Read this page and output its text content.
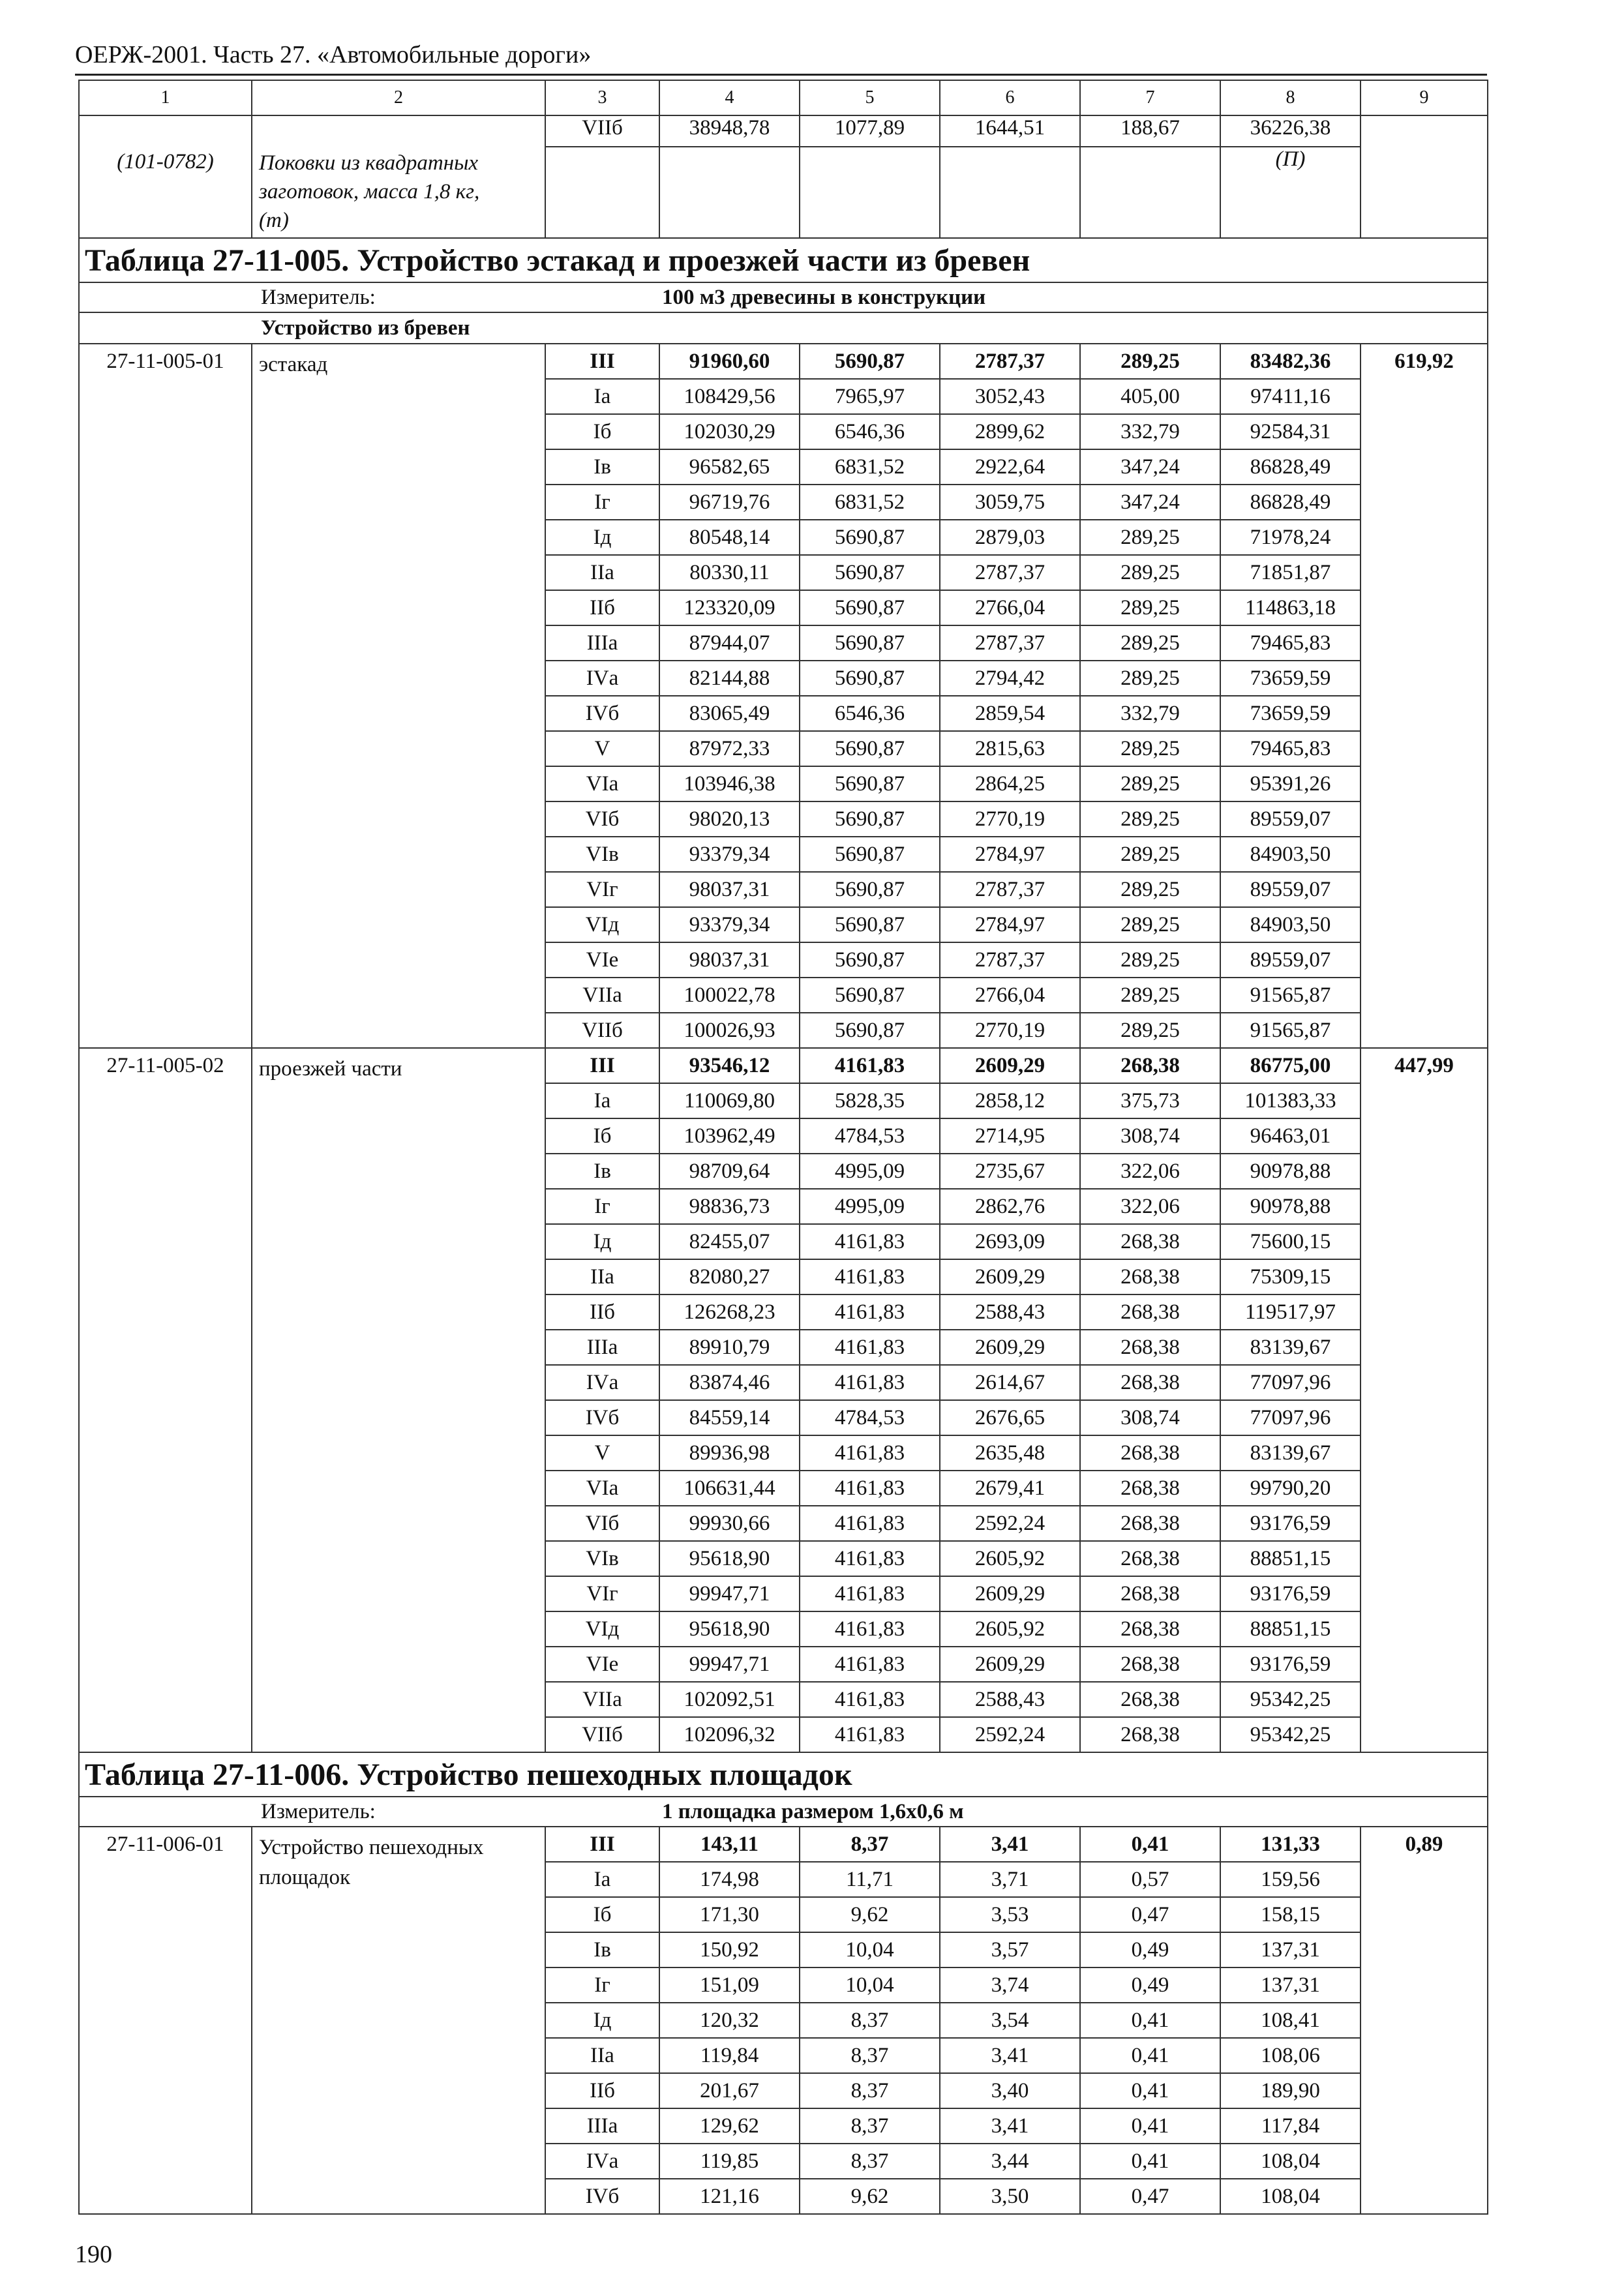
ОЕРЖ-2001. Часть 27. «Автомобильные дороги»
1	2	3	4	5	6	7	8	9
(101-0782)	Поковки из квадратных
заготовок, масса 1,8 кг,
(т)	VIIб	38948,78	1077,89	1644,51	188,67	36226,38	
							(П)	
Таблица 27-11-005. Устройство эстакад и проезжей части из бревен								
	Измеритель:		100 м3 древесины в конструкции					
	Устройство из бревен							
27-11-005-01	эстакад	III	91960,60	5690,87	2787,37	289,25	83482,36	619,92
		Iа	108429,56	7965,97	3052,43	405,00	97411,16	
		Iб	102030,29	6546,36	2899,62	332,79	92584,31	
		Iв	96582,65	6831,52	2922,64	347,24	86828,49	
		Iг	96719,76	6831,52	3059,75	347,24	86828,49	
		Iд	80548,14	5690,87	2879,03	289,25	71978,24	
		IIа	80330,11	5690,87	2787,37	289,25	71851,87	
		IIб	123320,09	5690,87	2766,04	289,25	114863,18	
		IIIа	87944,07	5690,87	2787,37	289,25	79465,83	
		IVа	82144,88	5690,87	2794,42	289,25	73659,59	
		IVб	83065,49	6546,36	2859,54	332,79	73659,59	
		V	87972,33	5690,87	2815,63	289,25	79465,83	
		VIа	103946,38	5690,87	2864,25	289,25	95391,26	
		VIб	98020,13	5690,87	2770,19	289,25	89559,07	
		VIв	93379,34	5690,87	2784,97	289,25	84903,50	
		VIг	98037,31	5690,87	2787,37	289,25	89559,07	
		VIд	93379,34	5690,87	2784,97	289,25	84903,50	
		VIе	98037,31	5690,87	2787,37	289,25	89559,07	
		VIIа	100022,78	5690,87	2766,04	289,25	91565,87	
		VIIб	100026,93	5690,87	2770,19	289,25	91565,87	
27-11-005-02	проезжей части	III	93546,12	4161,83	2609,29	268,38	86775,00	447,99
		Iа	110069,80	5828,35	2858,12	375,73	101383,33	
		Iб	103962,49	4784,53	2714,95	308,74	96463,01	
		Iв	98709,64	4995,09	2735,67	322,06	90978,88	
		Iг	98836,73	4995,09	2862,76	322,06	90978,88	
		Iд	82455,07	4161,83	2693,09	268,38	75600,15	
		IIа	82080,27	4161,83	2609,29	268,38	75309,15	
		IIб	126268,23	4161,83	2588,43	268,38	119517,97	
		IIIа	89910,79	4161,83	2609,29	268,38	83139,67	
		IVа	83874,46	4161,83	2614,67	268,38	77097,96	
		IVб	84559,14	4784,53	2676,65	308,74	77097,96	
		V	89936,98	4161,83	2635,48	268,38	83139,67	
		VIа	106631,44	4161,83	2679,41	268,38	99790,20	
		VIб	99930,66	4161,83	2592,24	268,38	93176,59	
		VIв	95618,90	4161,83	2605,92	268,38	88851,15	
		VIг	99947,71	4161,83	2609,29	268,38	93176,59	
		VIд	95618,90	4161,83	2605,92	268,38	88851,15	
		VIе	99947,71	4161,83	2609,29	268,38	93176,59	
		VIIа	102092,51	4161,83	2588,43	268,38	95342,25	
		VIIб	102096,32	4161,83	2592,24	268,38	95342,25	
Таблица 27-11-006. Устройство пешеходных площадок								
	Измеритель:		1 площадка размером 1,6х0,6 м					
27-11-006-01	Устройство пешеходных
площадок	III	143,11	8,37	3,41	0,41	131,33	0,89
		Iа	174,98	11,71	3,71	0,57	159,56	
		Iб	171,30	9,62	3,53	0,47	158,15	
		Iв	150,92	10,04	3,57	0,49	137,31	
		Iг	151,09	10,04	3,74	0,49	137,31	
		Iд	120,32	8,37	3,54	0,41	108,41	
		IIа	119,84	8,37	3,41	0,41	108,06	
		IIб	201,67	8,37	3,40	0,41	189,90	
		IIIа	129,62	8,37	3,41	0,41	117,84	
		IVа	119,85	8,37	3,44	0,41	108,04	
		IVб	121,16	9,62	3,50	0,47	108,04	
190
